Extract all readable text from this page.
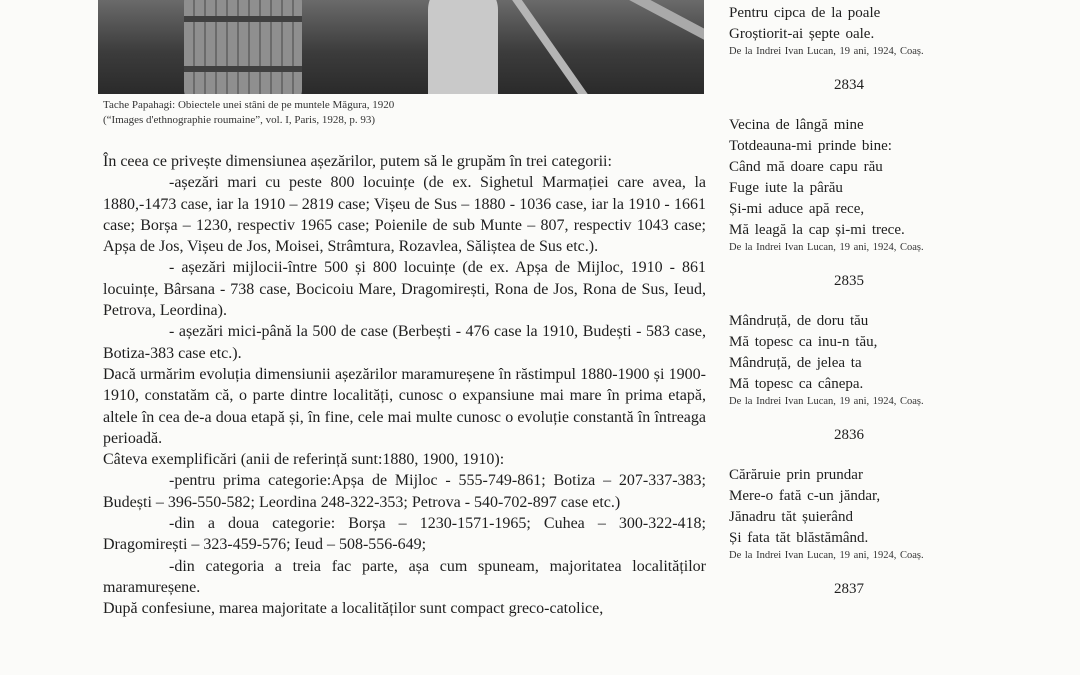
Tache Papahagi: Obiectele unei stâni de pe muntele Măgura, 1920
(“Images d'ethnographie roumaine”, vol. I, Paris, 1928, p. 93)

În ceea ce privește dimensiunea așezărilor, putem să le grupăm în trei categorii:

-așezări mari cu peste 800 locuințe (de ex. Sighetul Marmației care avea, la 1880,-1473 case, iar la 1910 – 2819 case; Vișeu de Sus – 1880 - 1036 case, iar la 1910 - 1661 case; Borșa – 1230, respectiv 1965 case; Poienile de sub Munte – 807, respectiv 1043 case; Apșa de Jos, Vișeu de Jos, Moisei, Strâmtura, Rozavlea, Săliștea de Sus etc.).

- așezări mijlocii-între 500 și 800 locuințe (de ex. Apșa de Mijloc, 1910 - 861 locuințe, Bârsana - 738 case, Bocicoiu Mare, Dragomirești, Rona de Jos, Rona de Sus, Ieud, Petrova, Leordina).

- așezări mici-până la 500 de case (Berbești - 476 case la 1910, Budești - 583 case, Botiza-383 case etc.).

Dacă urmărim evoluția dimensiunii așezărilor maramureșene în răstimpul 1880-1900 și 1900-1910, constatăm că, o parte dintre localități, cunosc o expansiune mai mare în prima etapă, altele în cea de-a doua etapă și, în fine, cele mai multe cunosc o evoluție constantă în întreaga perioadă.

Câteva exemplificări (anii de referință sunt:1880, 1900, 1910):

-pentru prima categorie:Apșa de Mijloc - 555-749-861; Botiza – 207-337-383; Budești – 396-550-582; Leordina 248-322-353; Petrova - 540-702-897 case etc.)

-din a doua categorie: Borșa – 1230-1571-1965; Cuhea – 300-322-418; Dragomirești – 323-459-576; Ieud – 508-556-649;

-din categoria a treia fac parte, așa cum spuneam, majoritatea localităților maramureșene.

După confesiune, marea majoritate a localităților sunt compact greco-catolice,

Pentru cipca de la poale
Groștiorit-ai șepte oale.
De la Indrei Ivan Lucan, 19 ani, 1924, Coaș.
2834
Vecina de lângă mine
Totdeauna-mi prinde bine:
Când mă doare capu rău
Fuge iute la pârău
Și-mi aduce apă rece,
Mă leagă la cap și-mi trece.
De la Indrei Ivan Lucan, 19 ani, 1924, Coaș.
2835
Mândruță, de doru tău
Mă topesc ca inu-n tău,
Mândruță, de jelea ta
Mă topesc ca cânepa.
De la Indrei Ivan Lucan, 19 ani, 1924, Coaș.
2836
Cărăruie prin prundar
Mere-o fată c-un jăndar,
Jănadru tăt șuierând
Și fata tăt blăstămând.
De la Indrei Ivan Lucan, 19 ani, 1924, Coaș.
2837
